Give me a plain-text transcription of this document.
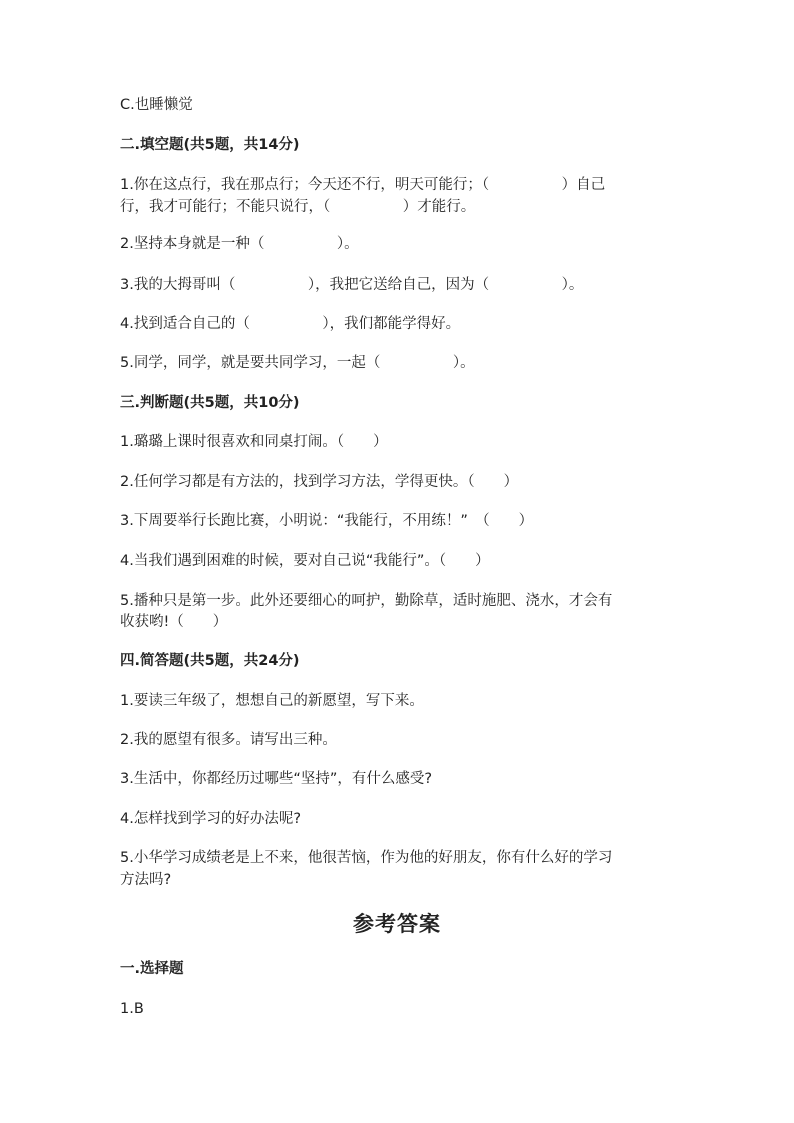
C.也睡懒觉
二.填空题(共5题，共14分)
1.你在这点行，我在那点行；今天还不行，明天可能行；（　　　　　）自己
行，我才可能行；不能只说行，（　　　　　）才能行。
2.坚持本身就是一种（　　　　　）。
3.我的大拇哥叫（　　　　　），我把它送给自己，因为（　　　　　）。
4.找到适合自己的（　　　　　），我们都能学得好。
5.同学，同学，就是要共同学习，一起（　　　　　）。
三.判断题(共5题，共10分)
1.璐璐上课时很喜欢和同桌打闹。（　　）
2.任何学习都是有方法的，找到学习方法，学得更快。（　　）
3.下周要举行长跑比赛，小明说：“我能行，不用练！”　（　　）
4.当我们遇到困难的时候，要对自己说“我能行”。（　　）
5.播种只是第一步。此外还要细心的呵护，勤除草，适时施肥、浇水，才会有
收获哟!（　　）
四.简答题(共5题，共24分)
1.要读三年级了，想想自己的新愿望，写下来。
2.我的愿望有很多。请写出三种。
3.生活中，你都经历过哪些“坚持”，有什么感受?
4.怎样找到学习的好办法呢?
5.小华学习成绩老是上不来，他很苦恼，作为他的好朋友，你有什么好的学习
方法吗?
参考答案
一.选择题
1.B
